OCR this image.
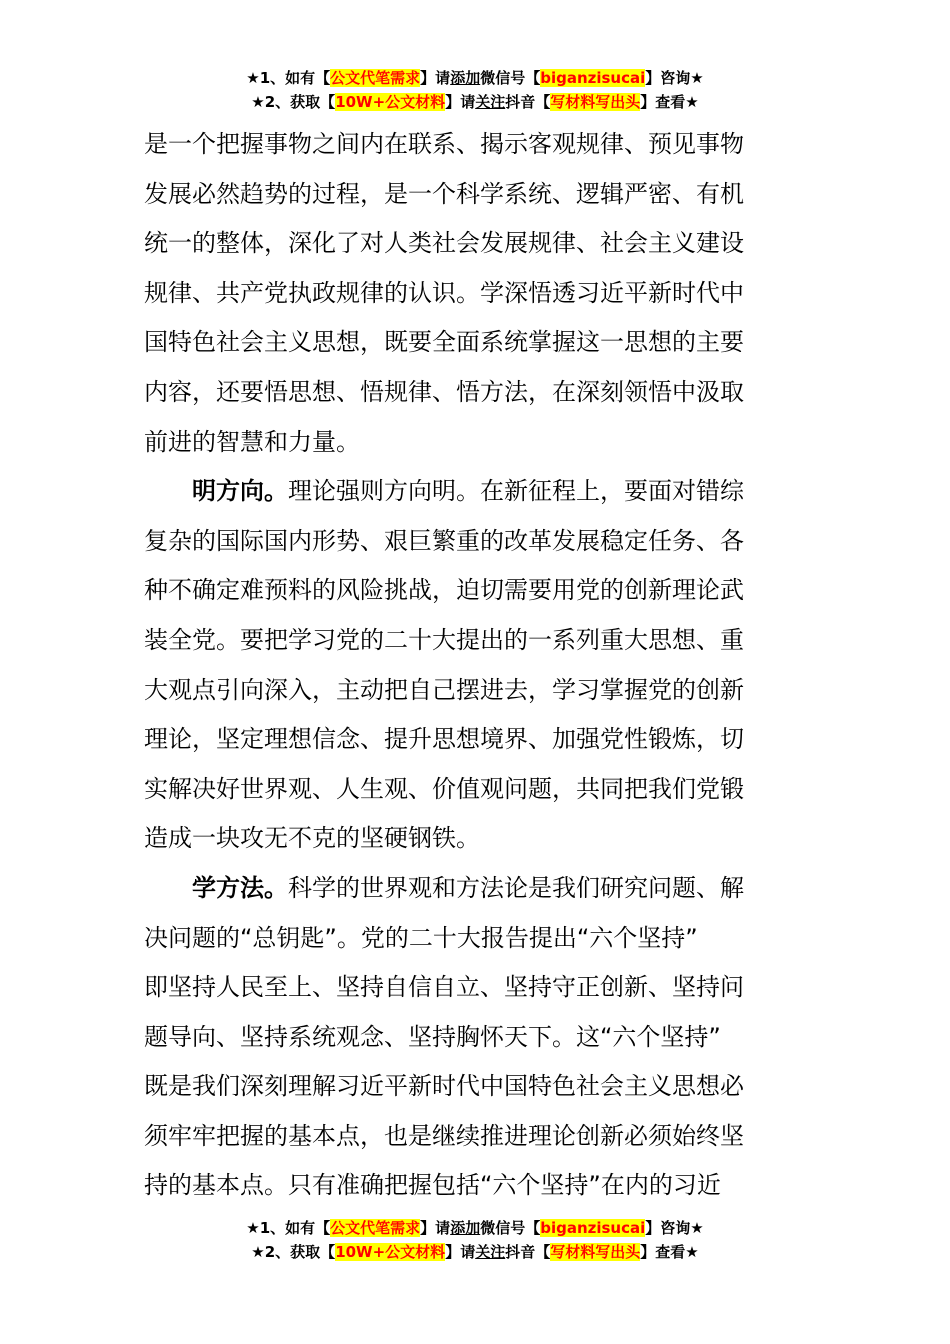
★1、如有【公文代笔需求】请添加微信号【biganzisucai】咨询★
★2、获取【10W+公文材料】请关注抖音【写材料写出头】查看★

是一个把握事物之间内在联系、揭示客观规律、预见事物
发展必然趋势的过程，是一个科学系统、逻辑严密、有机
统一的整体，深化了对人类社会发展规律、社会主义建设
规律、共产党执政规律的认识。学深悟透习近平新时代中
国特色社会主义思想，既要全面系统掌握这一思想的主要
内容，还要悟思想、悟规律、悟方法，在深刻领悟中汲取
前进的智慧和力量。

明方向。理论强则方向明。在新征程上，要面对错综
复杂的国际国内形势、艰巨繁重的改革发展稳定任务、各
种不确定难预料的风险挑战，迫切需要用党的创新理论武
装全党。要把学习党的二十大提出的一系列重大思想、重
大观点引向深入，主动把自己摆进去，学习掌握党的创新
理论，坚定理想信念、提升思想境界、加强党性锻炼，切
实解决好世界观、人生观、价值观问题，共同把我们党锻
造成一块攻无不克的坚硬钢铁。

学方法。科学的世界观和方法论是我们研究问题、解
决问题的“总钥匙”。党的二十大报告提出“六个坚持”
即坚持人民至上、坚持自信自立、坚持守正创新、坚持问
题导向、坚持系统观念、坚持胸怀天下。这“六个坚持”
既是我们深刻理解习近平新时代中国特色社会主义思想必
须牢牢把握的基本点，也是继续推进理论创新必须始终坚
持的基本点。只有准确把握包括“六个坚持”在内的习近

★1、如有【公文代笔需求】请添加微信号【biganzisucai】咨询★
★2、获取【10W+公文材料】请关注抖音【写材料写出头】查看★
